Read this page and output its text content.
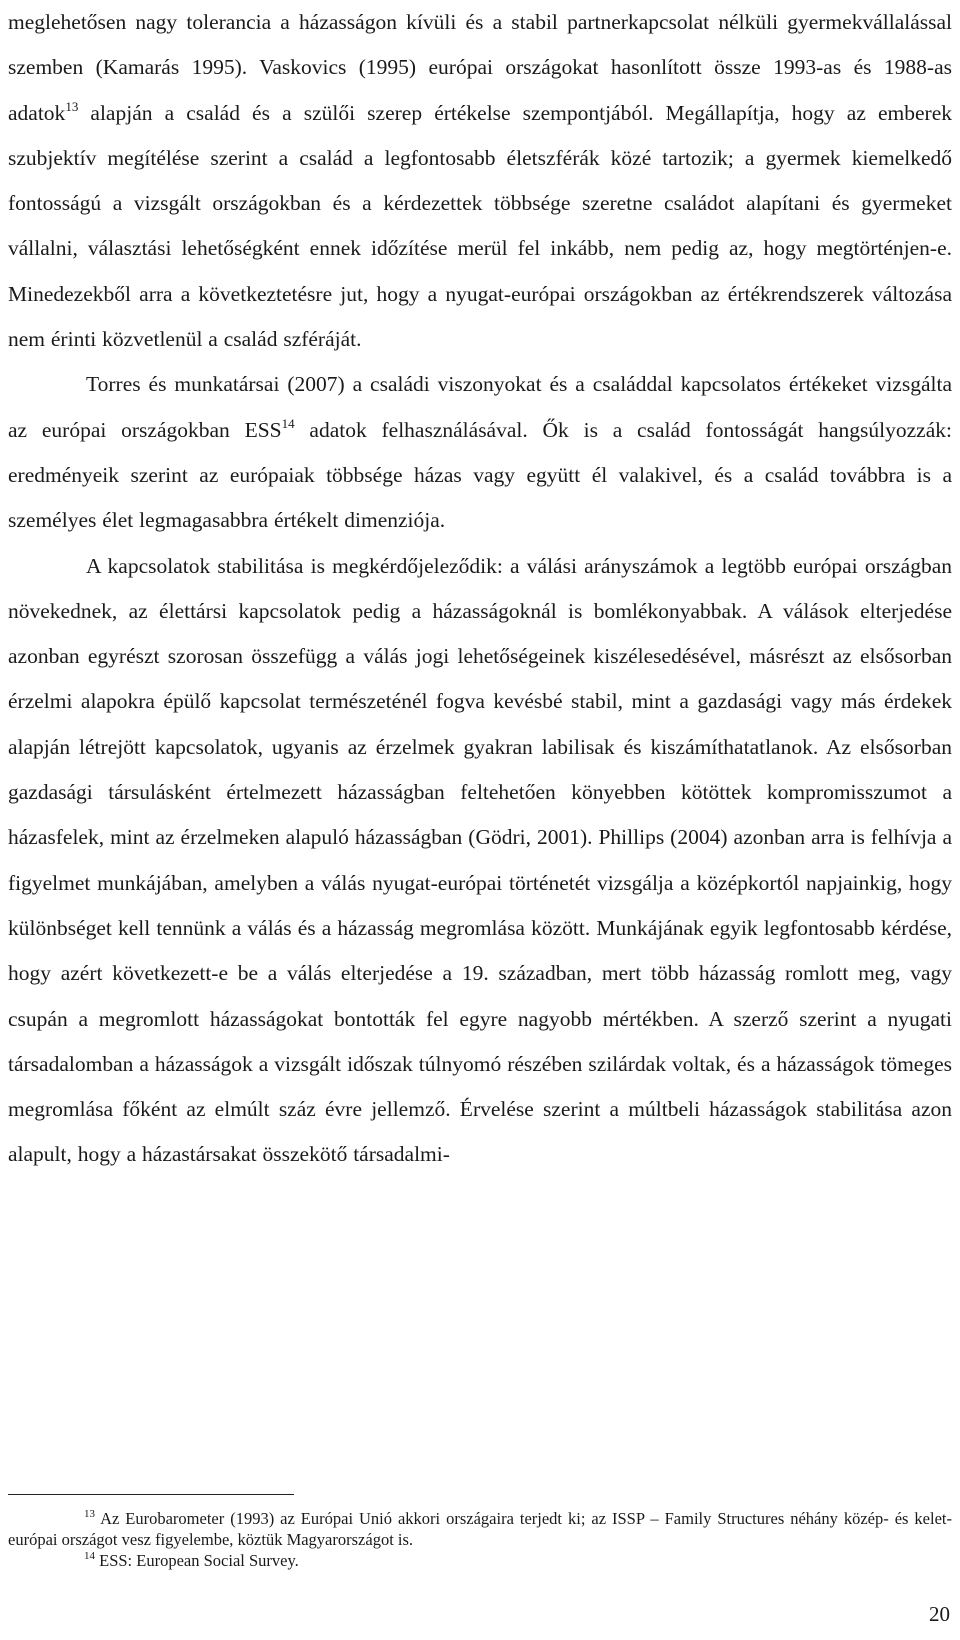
meglehetősen nagy tolerancia a házasságon kívüli és a stabil partnerkapcsolat nélküli gyermekvállalással szemben (Kamarás 1995). Vaskovics (1995) európai országokat hasonlított össze 1993-as és 1988-as adatok$^{13}$ alapján a család és a szülői szerep értékelse szempontjából. Megállapítja, hogy az emberek szubjektív megítélése szerint a család a legfontosabb életszférák közé tartozik; a gyermek kiemelkedő fontosságú a vizsgált országokban és a kérdezettek többsége szeretne családot alapítani és gyermeket vállalni, választási lehetőségként ennek időzítése merül fel inkább, nem pedig az, hogy megtörténjen-e. Minedezekből arra a következtetésre jut, hogy a nyugat-európai országokban az értékrendszerek változása nem érinti közvetlenül a család szféráját.

Torres és munkatársai (2007) a családi viszonyokat és a családdal kapcsolatos értékeket vizsgálta az európai országokban ESS$^{14}$ adatok felhasználásával. Ők is a család fontosságát hangsúlyozzák: eredményeik szerint az európaiak többsége házas vagy együtt él valakivel, és a család továbbra is a személyes élet legmagasabbra értékelt dimenziója.

A kapcsolatok stabilitása is megkérdőjeleződik: a válási arányszámok a legtöbb európai országban növekednek, az élettársi kapcsolatok pedig a házasságoknál is bomlékonyabbak. A válások elterjedése azonban egyrészt szorosan összefügg a válás jogi lehetőségeinek kiszélesedésével, másrészt az elsősorban érzelmi alapokra épülő kapcsolat természeténél fogva kevésbé stabil, mint a gazdasági vagy más érdekek alapján létrejött kapcsolatok, ugyanis az érzelmek gyakran labilisak és kiszámíthatatlanok. Az elsősorban gazdasági társulásként értelmezett házasságban feltehetően könyebben kötöttek kompromisszumot a házasfelek, mint az érzelmeken alapuló házasságban (Gödri, 2001). Phillips (2004) azonban arra is felhívja a figyelmet munkájában, amelyben a válás nyugat-európai történetét vizsgálja a középkortól napjainkig, hogy különbséget kell tennünk a válás és a házasság megromlása között. Munkájának egyik legfontosabb kérdése, hogy azért következett-e be a válás elterjedése a 19. században, mert több házasság romlott meg, vagy csupán a megromlott házasságokat bontották fel egyre nagyobb mértékben. A szerző szerint a nyugati társadalomban a házasságok a vizsgált időszak túlnyomó részében szilárdak voltak, és a házasságok tömeges megromlása főként az elmúlt száz évre jellemző. Érvelése szerint a múltbeli házasságok stabilitása azon alapult, hogy a házastársakat összekötő társadalmi-

$^{13}$ Az Eurobarometer (1993) az Európai Unió akkori országaira terjedt ki; az ISSP – Family Structures néhány közép- és kelet-európai országot vesz figyelembe, köztük Magyarországot is.

$^{14}$ ESS: European Social Survey.

20
